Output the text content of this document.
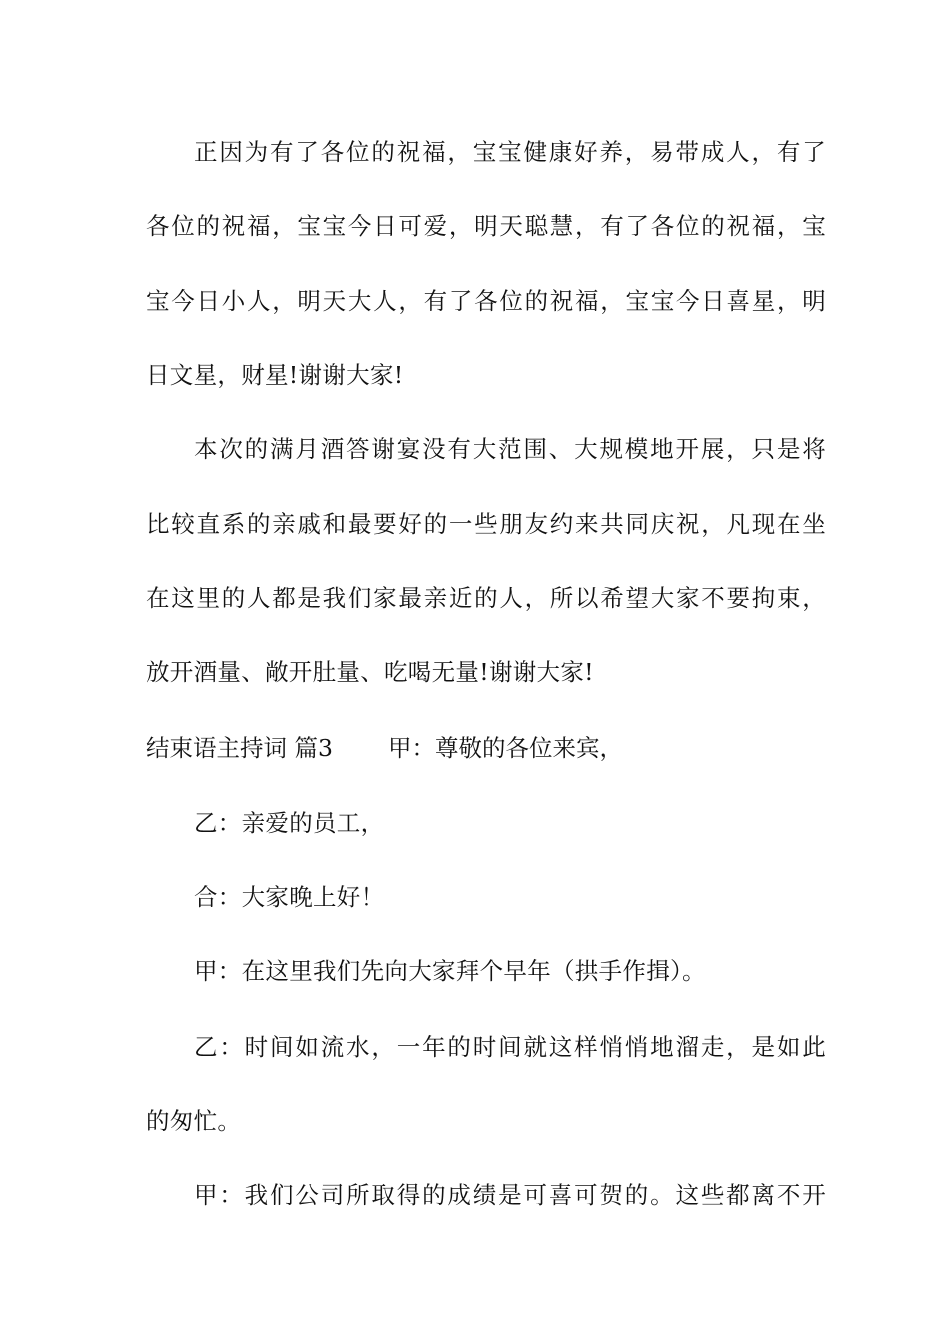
正因为有了各位的祝福，宝宝健康好养，易带成人，有了
各位的祝福，宝宝今日可爱，明天聪慧，有了各位的祝福，宝
宝今日小人，明天大人，有了各位的祝福，宝宝今日喜星，明
日文星，财星!谢谢大家!
本次的满月酒答谢宴没有大范围、大规模地开展，只是将
比较直系的亲戚和最要好的一些朋友约来共同庆祝，凡现在坐
在这里的人都是我们家最亲近的人，所以希望大家不要拘束，
放开酒量、敞开肚量、吃喝无量!谢谢大家!
结束语主持词 篇3 甲：尊敬的各位来宾，
乙：亲爱的员工，
合：大家晚上好！
甲：在这里我们先向大家拜个早年（拱手作揖）。
乙：时间如流水，一年的时间就这样悄悄地溜走，是如此
的匆忙。
甲：我们公司所取得的成绩是可喜可贺的。这些都离不开
